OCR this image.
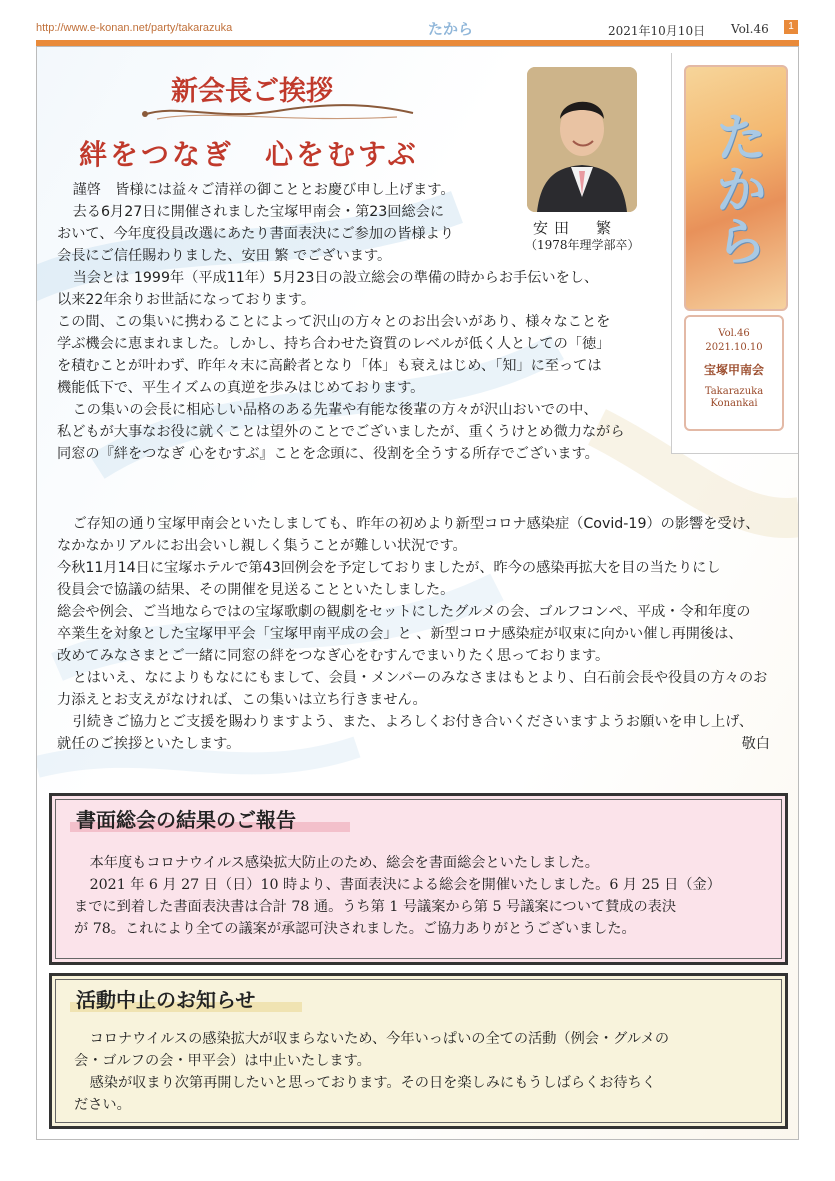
http://www.e-konan.net/party/takarazuka	たから	2021年10月10日 Vol.46	1
たから
Vol.46
2021.10.10
宝塚甲南会
Takarazuka
Konankai
新会長ご挨拶
絆をつなぎ　心をむすぶ
安田　繁
（1978年理学部卒）

謹啓　皆様には益々ご清祥の御こととお慶び申し上げます。

去る6月27日に開催されました宝塚甲南会・第23回総会に

おいて、今年度役員改選にあたり書面表決にご参加の皆様より

会長にご信任賜わりました、安田 繁 でございます。

当会とは 1999年（平成11年）5月23日の設立総会の準備の時からお手伝いをし、

以来22年余りお世話になっております。

この間、この集いに携わることによって沢山の方々とのお出会いがあり、様々なことを

学ぶ機会に恵まれました。しかし、持ち合わせた資質のレベルが低く人としての「徳」

を積むことが叶わず、昨年々末に高齢者となり「体」も衰えはじめ、「知」に至っては

機能低下で、平生イズムの真逆を歩みはじめております。

この集いの会長に相応しい品格のある先輩や有能な後輩の方々が沢山おいでの中、

私どもが大事なお役に就くことは望外のことでございましたが、重くうけとめ微力ながら

同窓の『絆をつなぎ 心をむすぶ』ことを念頭に、役割を全うする所存でございます。

ご存知の通り宝塚甲南会といたしましても、昨年の初めより新型コロナ感染症（Covid-19）の影響を受け、

なかなかリアルにお出会いし親しく集うことが難しい状況です。

今秋11月14日に宝塚ホテルで第43回例会を予定しておりましたが、昨今の感染再拡大を目の当たりにし

役員会で協議の結果、その開催を見送ることといたしました。

総会や例会、ご当地ならではの宝塚歌劇の観劇をセットにしたグルメの会、ゴルフコンペ、平成・令和年度の

卒業生を対象とした宝塚甲平会「宝塚甲南平成の会」と 、新型コロナ感染症が収束に向かい催し再開後は、

改めてみなさまとご一緒に同窓の絆をつなぎ心をむすんでまいりたく思っております。

とはいえ、なによりもなににもまして、会員・メンバーのみなさまはもとより、白石前会長や役員の方々のお

力添えとお支えがなければ、この集いは立ち行きません。

引続きご協力とご支援を賜わりますよう、また、よろしくお付き合いくださいますようお願いを申し上げ、

就任のご挨拶といたします。	敬白
書面総会の結果のご報告

本年度もコロナウイルス感染拡大防止のため、総会を書面総会といたしました。

2021 年 6 月 27 日（日）10 時より、書面表決による総会を開催いたしました。6 月 25 日（金）

までに到着した書面表決書は合計 78 通。うち第 1 号議案から第 5 号議案について賛成の表決

が 78。これにより全ての議案が承認可決されました。ご協力ありがとうございました。

活動中止のお知らせ

コロナウイルスの感染拡大が収まらないため、今年いっぱいの全ての活動（例会・グルメの

会・ゴルフの会・甲平会）は中止いたします。

感染が収まり次第再開したいと思っております。その日を楽しみにもうしばらくお待ちく

ださい。
